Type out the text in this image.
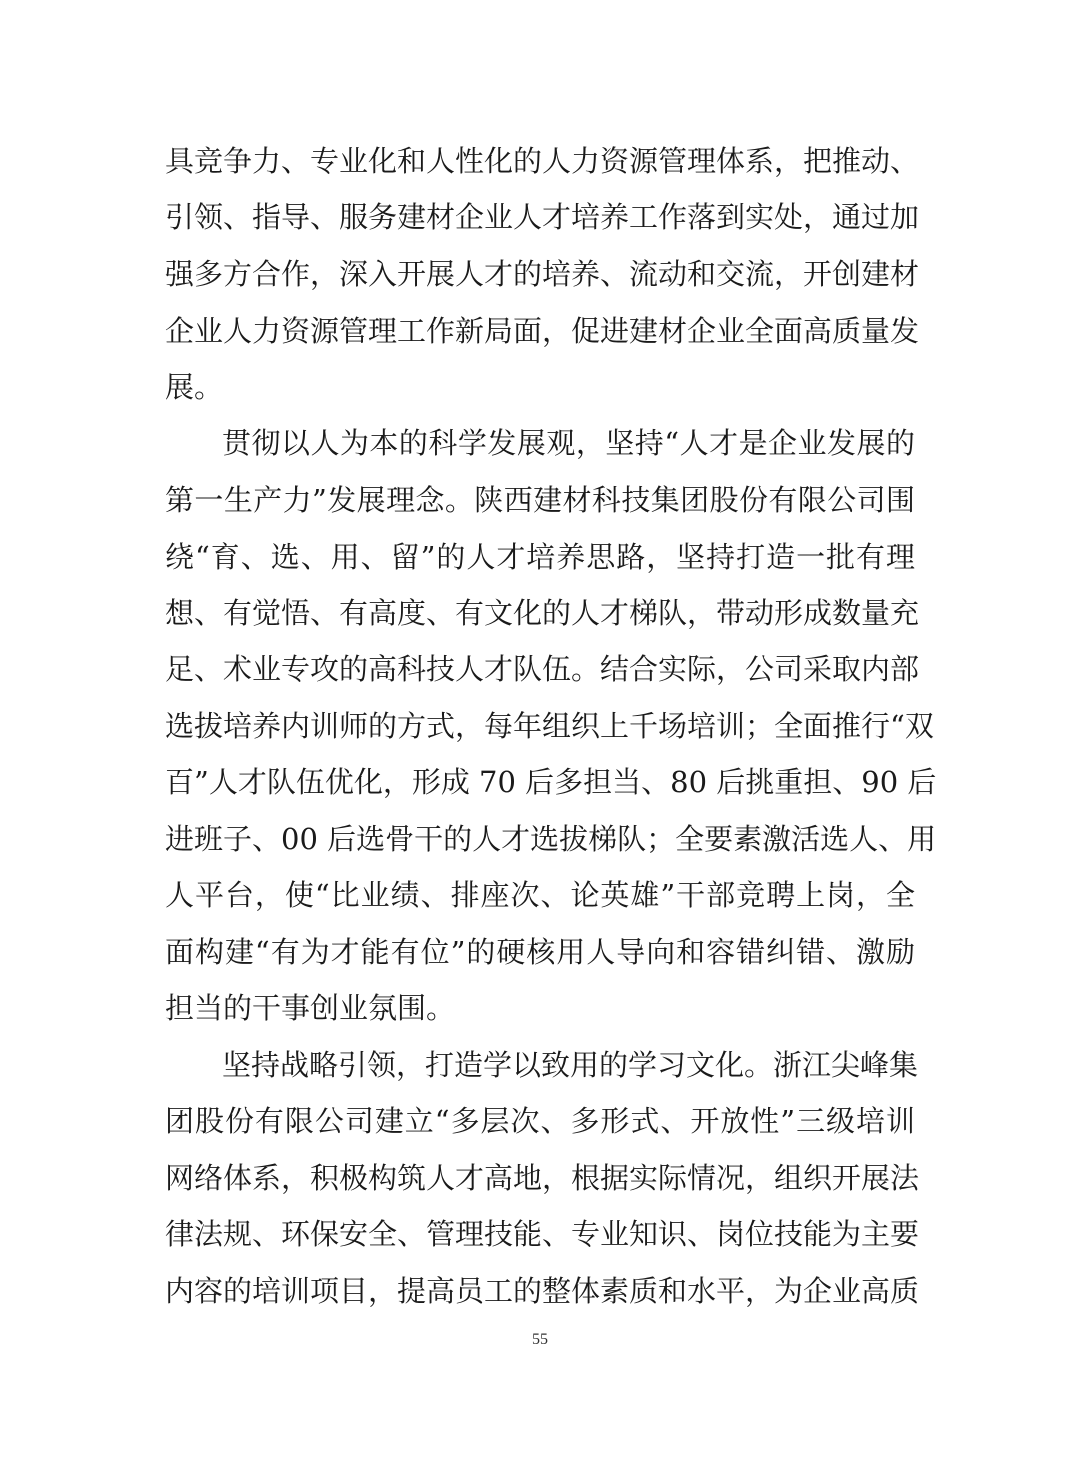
具竞争力、专业化和人性化的人力资源管理体系，把推动、
引领、指导、服务建材企业人才培养工作落到实处，通过加
强多方合作，深入开展人才的培养、流动和交流，开创建材
企业人力资源管理工作新局面，促进建材企业全面高质量发
展。
贯彻以人为本的科学发展观，坚持“人才是企业发展的
第一生产力”发展理念。陕西建材科技集团股份有限公司围
绕“育、选、用、留”的人才培养思路，坚持打造一批有理
想、有觉悟、有高度、有文化的人才梯队，带动形成数量充
足、术业专攻的高科技人才队伍。结合实际，公司采取内部
选拔培养内训师的方式，每年组织上千场培训；全面推行“双
百”人才队伍优化，形成 70 后多担当、80 后挑重担、90 后
进班子、00 后选骨干的人才选拔梯队；全要素激活选人、用
人平台，使“比业绩、排座次、论英雄”干部竞聘上岗，全
面构建“有为才能有位”的硬核用人导向和容错纠错、激励
担当的干事创业氛围。
坚持战略引领，打造学以致用的学习文化。浙江尖峰集
团股份有限公司建立“多层次、多形式、开放性”三级培训
网络体系，积极构筑人才高地，根据实际情况，组织开展法
律法规、环保安全、管理技能、专业知识、岗位技能为主要
内容的培训项目，提高员工的整体素质和水平，为企业高质
55
